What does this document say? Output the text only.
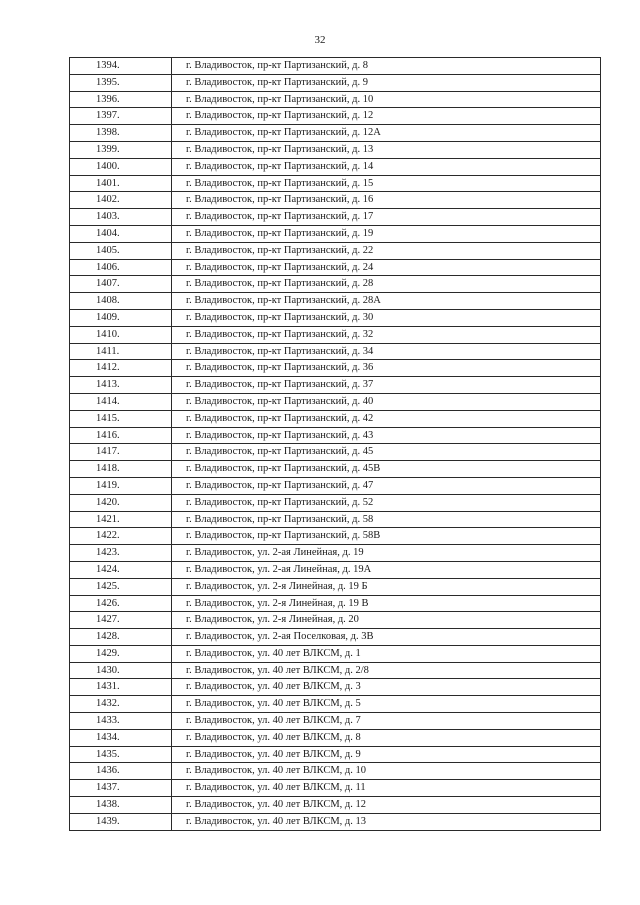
32
1394.	г. Владивосток, пр-кт Партизанский, д. 8
1395.	г. Владивосток, пр-кт Партизанский, д. 9
1396.	г. Владивосток, пр-кт Партизанский, д. 10
1397.	г. Владивосток, пр-кт Партизанский, д. 12
1398.	г. Владивосток, пр-кт Партизанский, д. 12А
1399.	г. Владивосток, пр-кт Партизанский, д. 13
1400.	г. Владивосток, пр-кт Партизанский, д. 14
1401.	г. Владивосток, пр-кт Партизанский, д. 15
1402.	г. Владивосток, пр-кт Партизанский, д. 16
1403.	г. Владивосток, пр-кт Партизанский, д. 17
1404.	г. Владивосток, пр-кт Партизанский, д. 19
1405.	г. Владивосток, пр-кт Партизанский, д. 22
1406.	г. Владивосток, пр-кт Партизанский, д. 24
1407.	г. Владивосток, пр-кт Партизанский, д. 28
1408.	г. Владивосток, пр-кт Партизанский, д. 28А
1409.	г. Владивосток, пр-кт Партизанский, д. 30
1410.	г. Владивосток, пр-кт Партизанский, д. 32
1411.	г. Владивосток, пр-кт Партизанский, д. 34
1412.	г. Владивосток, пр-кт Партизанский, д. 36
1413.	г. Владивосток, пр-кт Партизанский, д. 37
1414.	г. Владивосток, пр-кт Партизанский, д. 40
1415.	г. Владивосток, пр-кт Партизанский, д. 42
1416.	г. Владивосток, пр-кт Партизанский, д. 43
1417.	г. Владивосток, пр-кт Партизанский, д. 45
1418.	г. Владивосток, пр-кт Партизанский, д. 45В
1419.	г. Владивосток, пр-кт Партизанский, д. 47
1420.	г. Владивосток, пр-кт Партизанский, д. 52
1421.	г. Владивосток, пр-кт Партизанский, д. 58
1422.	г. Владивосток, пр-кт Партизанский, д. 58В
1423.	г. Владивосток, ул. 2-ая Линейная, д. 19
1424.	г. Владивосток, ул. 2-ая Линейная, д. 19А
1425.	г. Владивосток, ул. 2-я Линейная, д. 19 Б
1426.	г. Владивосток, ул. 2-я Линейная, д. 19 В
1427.	г. Владивосток, ул. 2-я Линейная, д. 20
1428.	г. Владивосток, ул. 2-ая Поселковая, д. 3В
1429.	г. Владивосток, ул. 40 лет ВЛКСМ, д. 1
1430.	г. Владивосток, ул. 40 лет ВЛКСМ, д. 2/8
1431.	г. Владивосток, ул. 40 лет ВЛКСМ, д. 3
1432.	г. Владивосток, ул. 40 лет ВЛКСМ, д. 5
1433.	г. Владивосток, ул. 40 лет ВЛКСМ, д. 7
1434.	г. Владивосток, ул. 40 лет ВЛКСМ, д. 8
1435.	г. Владивосток, ул. 40 лет ВЛКСМ, д. 9
1436.	г. Владивосток, ул. 40 лет ВЛКСМ, д. 10
1437.	г. Владивосток, ул. 40 лет ВЛКСМ, д. 11
1438.	г. Владивосток, ул. 40 лет ВЛКСМ, д. 12
1439.	г. Владивосток, ул. 40 лет ВЛКСМ, д. 13
